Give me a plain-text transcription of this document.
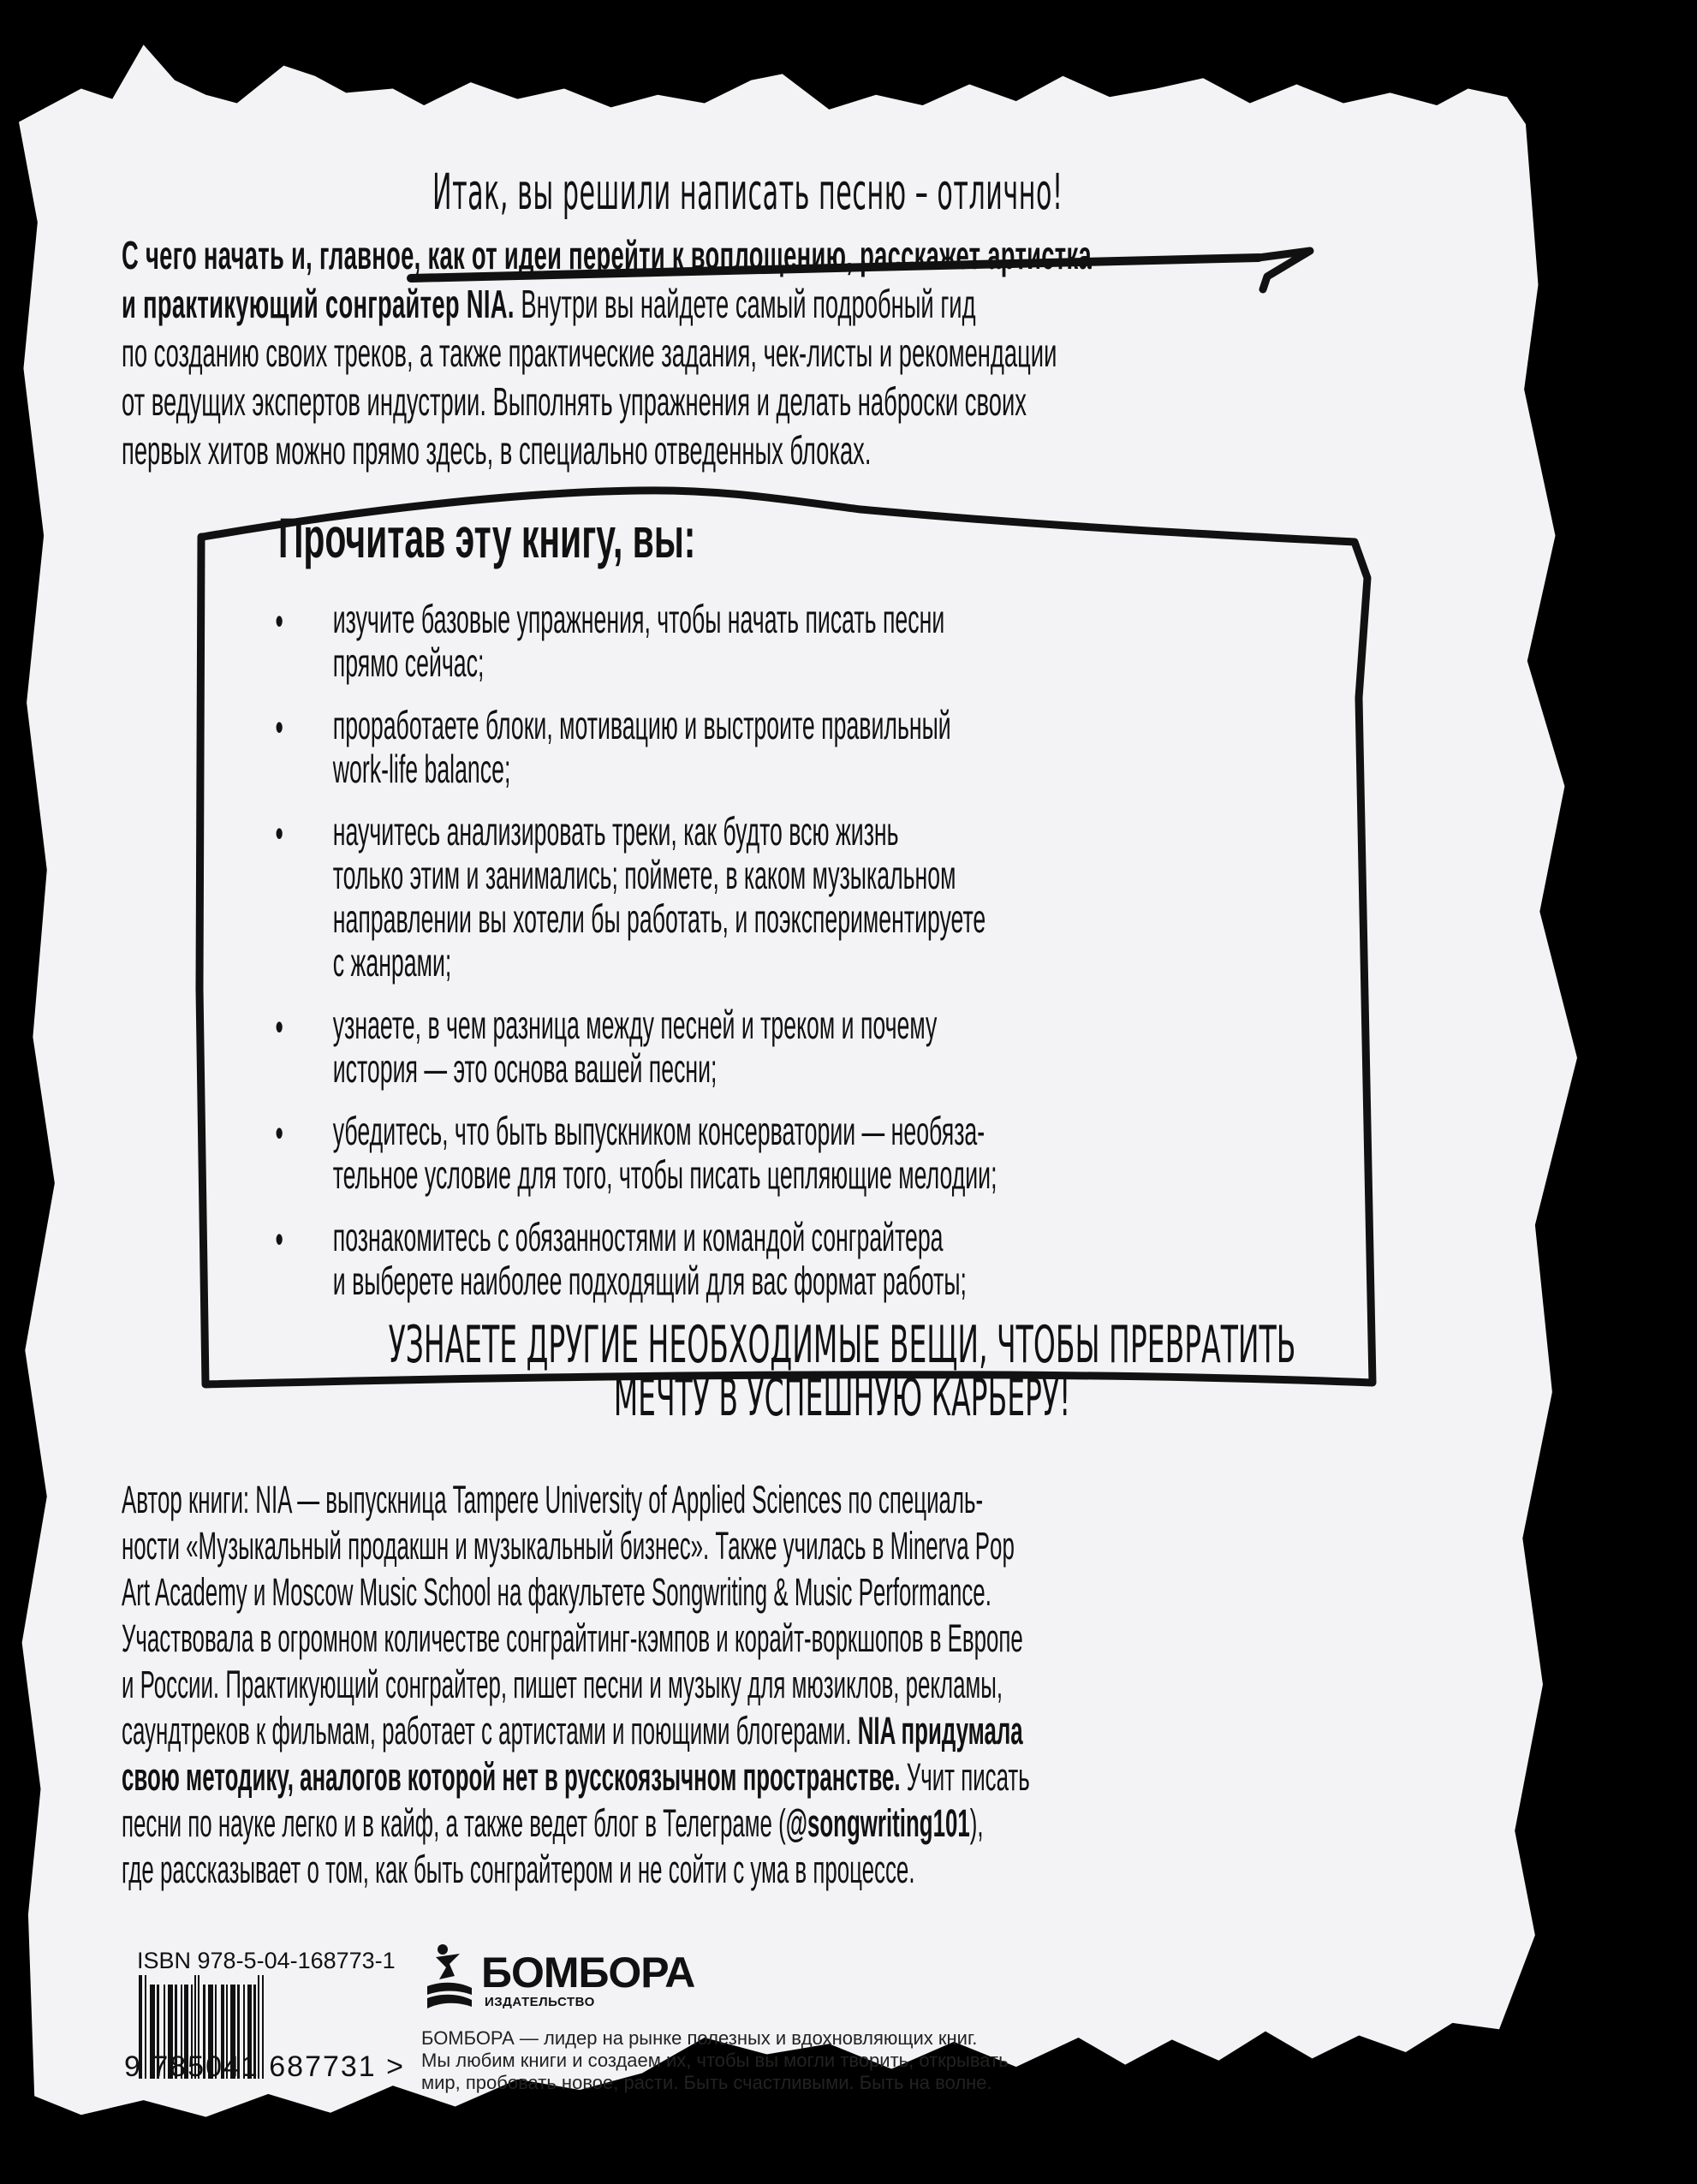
Итак, вы решили написать песню – отлично!
С чего начать и, главное, как от идеи перейти к воплощению, расскажет артистка
и практикующий сонграйтер NIA. Внутри вы найдете самый подробный гид
по созданию своих треков, а также практические задания, чек-листы и рекомендации
от ведущих экспертов индустрии. Выполнять упражнения и делать наброски своих
первых хитов можно прямо здесь, в специально отведенных блоках.
Прочитав эту книгу, вы:
• изучите базовые упражнения, чтобы начать писать песни
прямо сейчас;
• проработаете блоки, мотивацию и выстроите правильный
work-life balance;
• научитесь анализировать треки, как будто всю жизнь
только этим и занимались; поймете, в каком музыкальном
направлении вы хотели бы работать, и поэкспериментируете
с жанрами;
• узнаете, в чем разница между песней и треком и почему
история — это основа вашей песни;
• убедитесь, что быть выпускником консерватории — необяза-
тельное условие для того, чтобы писать цепляющие мелодии;
• познакомитесь с обязанностями и командой сонграйтера
и выберете наиболее подходящий для вас формат работы;
УЗНАЕТЕ ДРУГИЕ НЕОБХОДИМЫЕ ВЕЩИ, ЧТОБЫ ПРЕВРАТИТЬ
МЕЧТУ В УСПЕШНУЮ КАРЬЕРУ!
Автор книги: NIA — выпускница Tampere University of Applied Sciences по специаль-
ности «Музыкальный продакшн и музыкальный бизнес». Также училась в Minerva Pop
Art Academy и Moscow Music School на факультете Songwriting & Music Performance.
Участвовала в огромном количестве сонграйтинг-кэмпов и корайт-воркшопов в Европе
и России. Практикующий сонграйтер, пишет песни и музыку для мюзиклов, рекламы,
саундтреков к фильмам, работает с артистами и поющими блогерами. NIA придумала
свою методику, аналогов которой нет в русскоязычном пространстве. Учит писать
песни по науке легко и в кайф, а также ведет блог в Телеграме (@songwriting101),
где рассказывает о том, как быть сонграйтером и не сойти с ума в процессе.
ISBN 978-5-04-168773-1
9 785041 687731 >
БОМБОРА
ИЗДАТЕЛЬСТВО
БОМБОРА — лидер на рынке полезных и вдохновляющих книг.
Мы любим книги и создаем их, чтобы вы могли творить, открывать
мир, пробовать новое, расти. Быть счастливыми. Быть на волне.
